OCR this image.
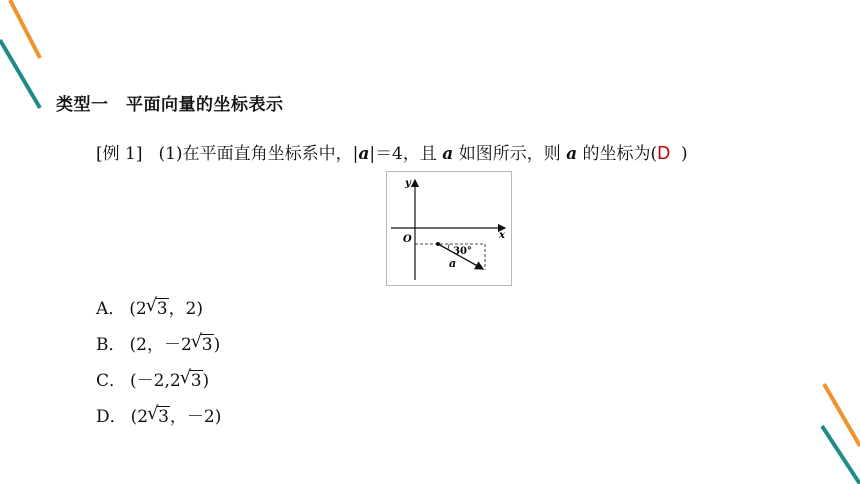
类型一　平面向量的坐标表示
[例 1] (1)在平面直角坐标系中，|a|＝4，且 a 如图所示，则 a 的坐标为(D )
y
x
O
30°
a
A． (2 √ 3，2)
B． (2，－2 √ 3)
C． (－2,2 √ 3)
D． (2 √ 3，－2)
